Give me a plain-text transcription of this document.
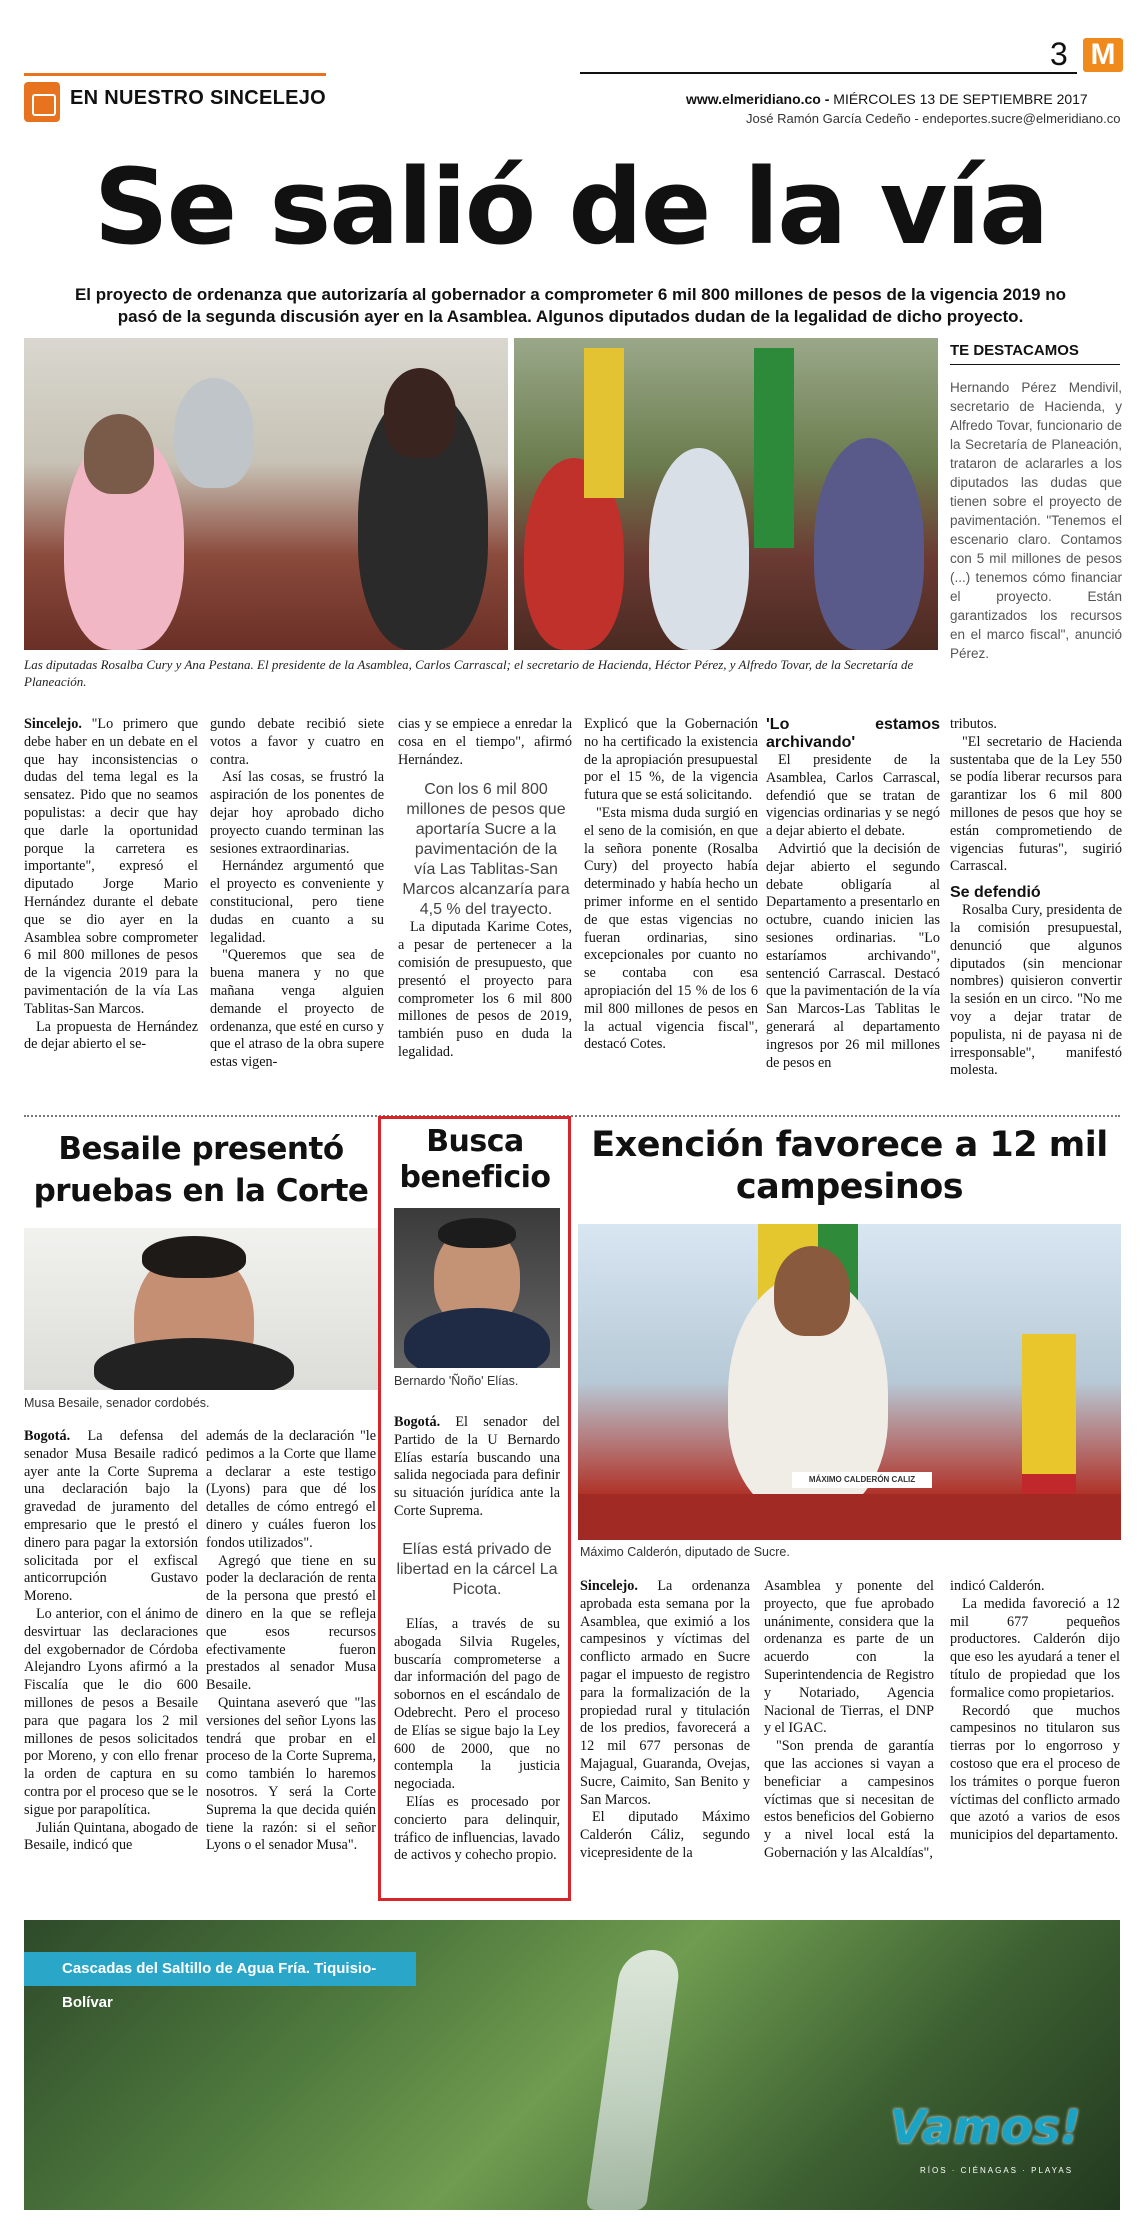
3 M
EN NUESTRO SINCELEJO	www.elmeridiano.co - MIÉRCOLES 13 DE SEPTIEMBRE 2017
José Ramón García Cedeño - endeportes.sucre@elmeridiano.co
Se salió de la vía
El proyecto de ordenanza que autorizaría al gobernador a comprometer 6 mil 800 millones de pesos de la vigencia 2019 no pasó de la segunda discusión ayer en la Asamblea. Algunos diputados dudan de la legalidad de dicho proyecto.
Las diputadas Rosalba Cury y Ana Pestana. El presidente de la Asamblea, Carlos Carrascal; el secretario de Hacienda, Héctor Pérez, y Alfredo Tovar, de la Secretaría de Planeación.
TE DESTACAMOS
Hernando Pérez Mendivil, secretario de Hacienda, y Alfredo Tovar, funcionario de la Secretaría de Planeación, trataron de aclararles a los diputados las dudas que tienen sobre el proyecto de pavimentación. "Tenemos el escenario claro. Contamos con 5 mil millones de pesos (...) tenemos cómo financiar el proyecto. Están garantizados los recursos en el marco fiscal", anunció Pérez.

Sincelejo. "Lo primero que debe haber en un debate en el que hay inconsistencias o dudas del tema legal es la sensatez. Pido que no seamos populistas: a decir que hay que darle la oportunidad porque la carretera es importante", expresó el diputado Jorge Mario Hernández durante el debate que se dio ayer en la Asamblea sobre comprometer 6 mil 800 millones de pesos de la vigencia 2019 para la pavimentación de la vía Las Tablitas-San Marcos.

La propuesta de Hernández de dejar abierto el se-

gundo debate recibió siete votos a favor y cuatro en contra.

Así las cosas, se frustró la aspiración de los ponentes de dejar hoy aprobado dicho proyecto cuando terminan las sesiones extraordinarias.

Hernández argumentó que el proyecto es conveniente y constitucional, pero tiene dudas en cuanto a su legalidad.

"Queremos que sea de buena manera y no que mañana venga alguien demande el proyecto de ordenanza, que esté en curso y que el atraso de la obra supere estas vigen-

cias y se empiece a enredar la cosa en el tiempo", afirmó Hernández.

La diputada Karime Cotes, a pesar de pertenecer a la comisión de presupuesto, que presentó el proyecto para comprometer los 6 mil 800 millones de pesos de 2019, también puso en duda la legalidad.

Con los 6 mil 800 millones de pesos que aportaría Sucre a la pavimentación de la vía Las Tablitas-San Marcos alcanzaría para 4,5 % del trayecto.

Explicó que la Gobernación no ha certificado la existencia de la apropiación presupuestal por el 15 %, de la vigencia futura que se está solicitando.

"Esta misma duda surgió en el seno de la comisión, en que la señora ponente (Rosalba Cury) del proyecto había determinado y había hecho un primer informe en el sentido de que estas vigencias no fueran ordinarias, sino excepcionales por cuanto no se contaba con esa apropiación del 15 % de los 6 mil 800 millones de pesos en la actual vigencia fiscal", destacó Cotes.

'Lo estamos archivando'

El presidente de la Asamblea, Carlos Carrascal, defendió que se tratan de vigencias ordinarias y se negó a dejar abierto el debate.

Advirtió que la decisión de dejar abierto el segundo debate obligaría al Departamento a presentarlo en octubre, cuando inicien las sesiones ordinarias. "Lo estaríamos archivando", sentenció Carrascal. Destacó que la pavimentación de la vía San Marcos-Las Tablitas le generará al departamento ingresos por 26 mil millones de pesos en

tributos.

"El secretario de Hacienda sustentaba que de la Ley 550 se podía liberar recursos para garantizar los 6 mil 800 millones de pesos que hoy se están comprometiendo de vigencias futuras", sugirió Carrascal.

Se defendió

Rosalba Cury, presidenta de la comisión presupuestal, denunció que algunos diputados (sin mencionar nombres) quisieron convertir la sesión en un circo. "No me voy a dejar tratar de populista, ni de payasa ni de irresponsable", manifestó molesta.

Besaile presentó pruebas en la Corte
Musa Besaile, senador cordobés.

Bogotá. La defensa del senador Musa Besaile radicó ayer ante la Corte Suprema una declaración bajo la gravedad de juramento del empresario que le prestó el dinero para pagar la extorsión solicitada por el exfiscal anticorrupción Gustavo Moreno.

Lo anterior, con el ánimo de desvirtuar las declaraciones del exgobernador de Córdoba Alejandro Lyons afirmó a la Fiscalía que le dio 600 millones de pesos a Besaile para que pagara los 2 mil millones de pesos solicitados por Moreno, y con ello frenar la orden de captura en su contra por el proceso que se le sigue por parapolítica.

Julián Quintana, abogado de Besaile, indicó que

además de la declaración "le pedimos a la Corte que llame a declarar a este testigo (Lyons) para que dé los detalles de cómo entregó el dinero y cuáles fueron los fondos utilizados".

Agregó que tiene en su poder la declaración de renta de la persona que prestó el dinero en la que se refleja que esos recursos efectivamente fueron prestados al senador Musa Besaile.

Quintana aseveró que "las versiones del señor Lyons las tendrá que probar en el proceso de la Corte Suprema, como también lo haremos nosotros. Y será la Corte Suprema la que decida quién tiene la razón: si el señor Lyons o el senador Musa".

Busca beneficio
Bernardo 'Ñoño' Elías.

Bogotá. El senador del Partido de la U Bernardo Elías estaría buscando una salida negociada para definir su situación jurídica ante la Corte Suprema.

Elías está privado de libertad en la cárcel La Picota.

Elías, a través de su abogada Silvia Rugeles, buscaría comprometerse a dar información del pago de sobornos en el escándalo de Odebrecht. Pero el proceso de Elías se sigue bajo la Ley 600 de 2000, que no contempla la justicia negociada.

Elías es procesado por concierto para delinquir, tráfico de influencias, lavado de activos y cohecho propio.

Exención favorece a 12 mil campesinos
MÁXIMO CALDERÓN CALIZ
Máximo Calderón, diputado de Sucre.

Sincelejo. La ordenanza aprobada esta semana por la Asamblea, que eximió a los campesinos y víctimas del conflicto armado en Sucre pagar el impuesto de registro para la formalización de la propiedad rural y titulación de los predios, favorecerá a 12 mil 677 personas de Majagual, Guaranda, Ovejas, Sucre, Caimito, San Benito y San Marcos.

El diputado Máximo Calderón Cáliz, segundo vicepresidente de la

Asamblea y ponente del proyecto, que fue aprobado unánimente, considera que la ordenanza es parte de un acuerdo con la Superintendencia de Registro y Notariado, Agencia Nacional de Tierras, el DNP y el IGAC.

"Son prenda de garantía que las acciones si vayan a beneficiar a campesinos víctimas que si necesitan de estos beneficios del Gobierno y a nivel local está la Gobernación y las Alcaldías",

indicó Calderón.

La medida favoreció a 12 mil 677 pequeños productores. Calderón dijo que eso les ayudará a tener el título de propiedad que los formalice como propietarios.

Recordó que muchos campesinos no titularon sus tierras por lo engorroso y costoso que era el proceso de los trámites o porque fueron víctimas del conflicto armado que azotó a varios de esos municipios del departamento.

Cascadas del Saltillo de Agua Fría. Tiquisio-Bolívar
Vamos!
RÍOS · CIÉNAGAS · PLAYAS
